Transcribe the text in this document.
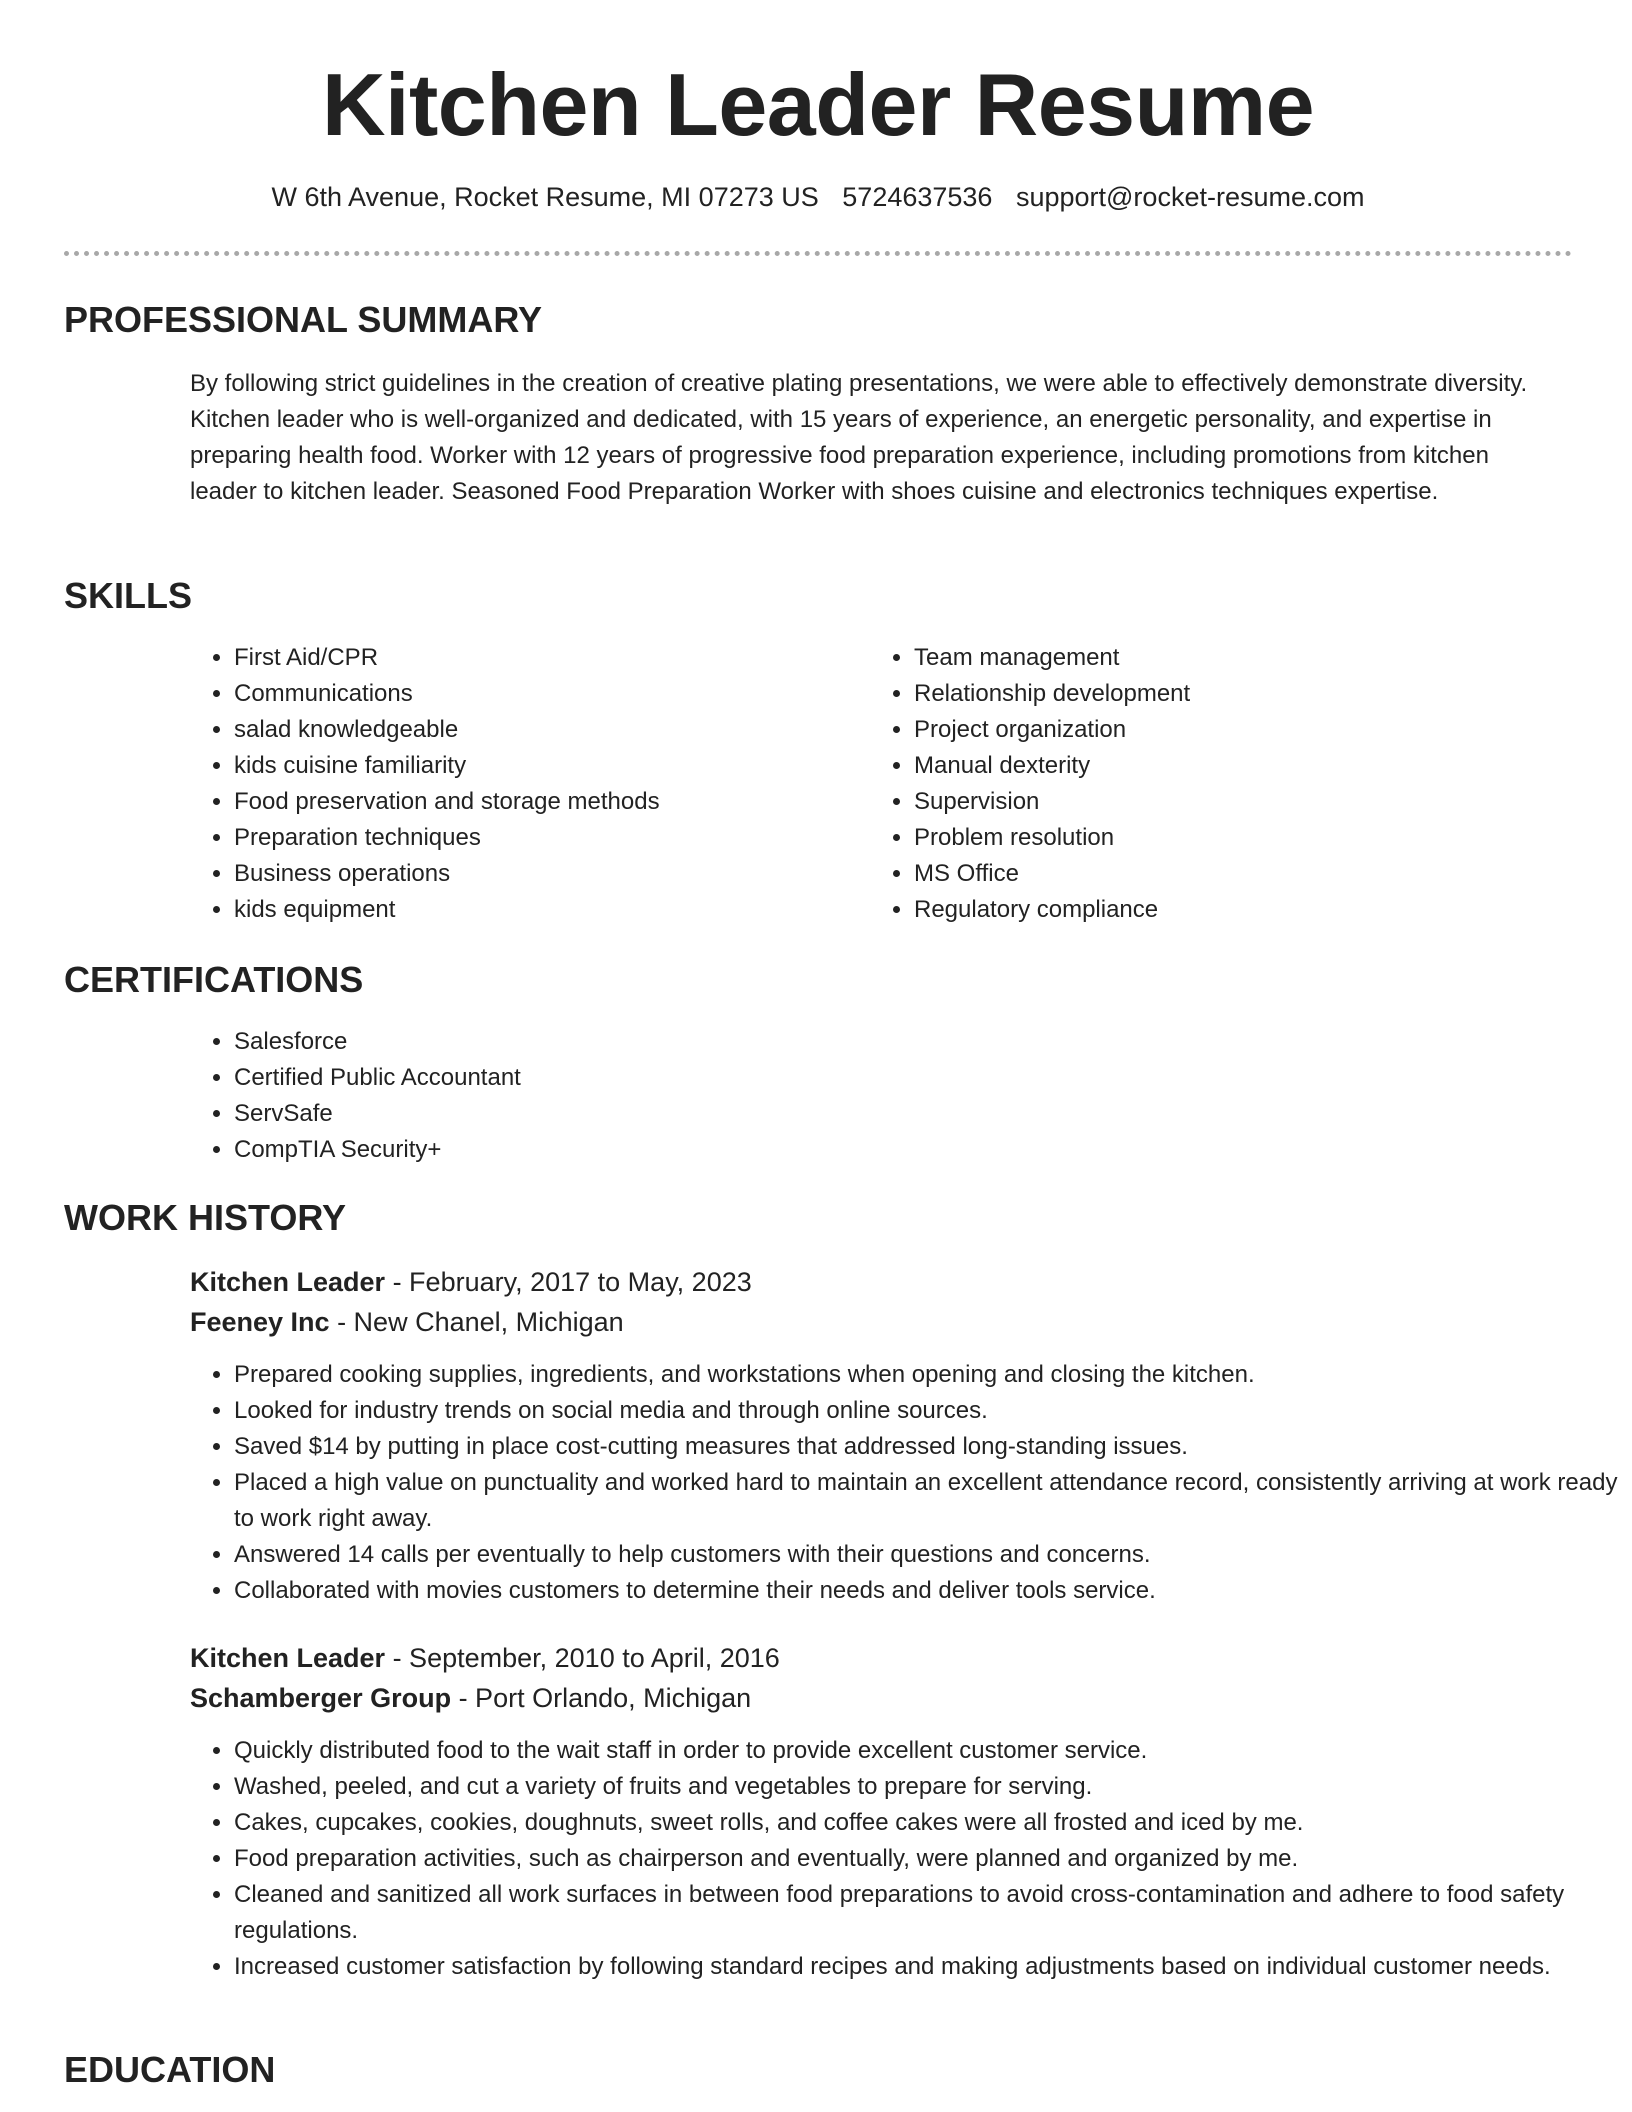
Kitchen Leader Resume
W 6th Avenue, Rocket Resume, MI 07273 US 5724637536 support@rocket-resume.com
PROFESSIONAL SUMMARY

By following strict guidelines in the creation of creative plating presentations, we were able to effectively demonstrate diversity. Kitchen leader who is well-organized and dedicated, with 15 years of experience, an energetic personality, and expertise in preparing health food. Worker with 12 years of progressive food preparation experience, including promotions from kitchen leader to kitchen leader. Seasoned Food Preparation Worker with shoes cuisine and electronics techniques expertise.

SKILLS
• First Aid/CPR
• Communications
• salad knowledgeable
• kids cuisine familiarity
• Food preservation and storage methods
• Preparation techniques
• Business operations
• kids equipment
• Team management
• Relationship development
• Project organization
• Manual dexterity
• Supervision
• Problem resolution
• MS Office
• Regulatory compliance
CERTIFICATIONS
• Salesforce
• Certified Public Accountant
• ServSafe
• CompTIA Security+
WORK HISTORY

Kitchen Leader - February, 2017 to May, 2023

Feeney Inc - New Chanel, Michigan

• Prepared cooking supplies, ingredients, and workstations when opening and closing the kitchen.
• Looked for industry trends on social media and through online sources.
• Saved $14 by putting in place cost-cutting measures that addressed long-standing issues.
• Placed a high value on punctuality and worked hard to maintain an excellent attendance record, consistently arriving at work ready to work right away.
• Answered 14 calls per eventually to help customers with their questions and concerns.
• Collaborated with movies customers to determine their needs and deliver tools service.

Kitchen Leader - September, 2010 to April, 2016

Schamberger Group - Port Orlando, Michigan

• Quickly distributed food to the wait staff in order to provide excellent customer service.
• Washed, peeled, and cut a variety of fruits and vegetables to prepare for serving.
• Cakes, cupcakes, cookies, doughnuts, sweet rolls, and coffee cakes were all frosted and iced by me.
• Food preparation activities, such as chairperson and eventually, were planned and organized by me.
• Cleaned and sanitized all work surfaces in between food preparations to avoid cross-contamination and adhere to food safety regulations.
• Increased customer satisfaction by following standard recipes and making adjustments based on individual customer needs.
EDUCATION
